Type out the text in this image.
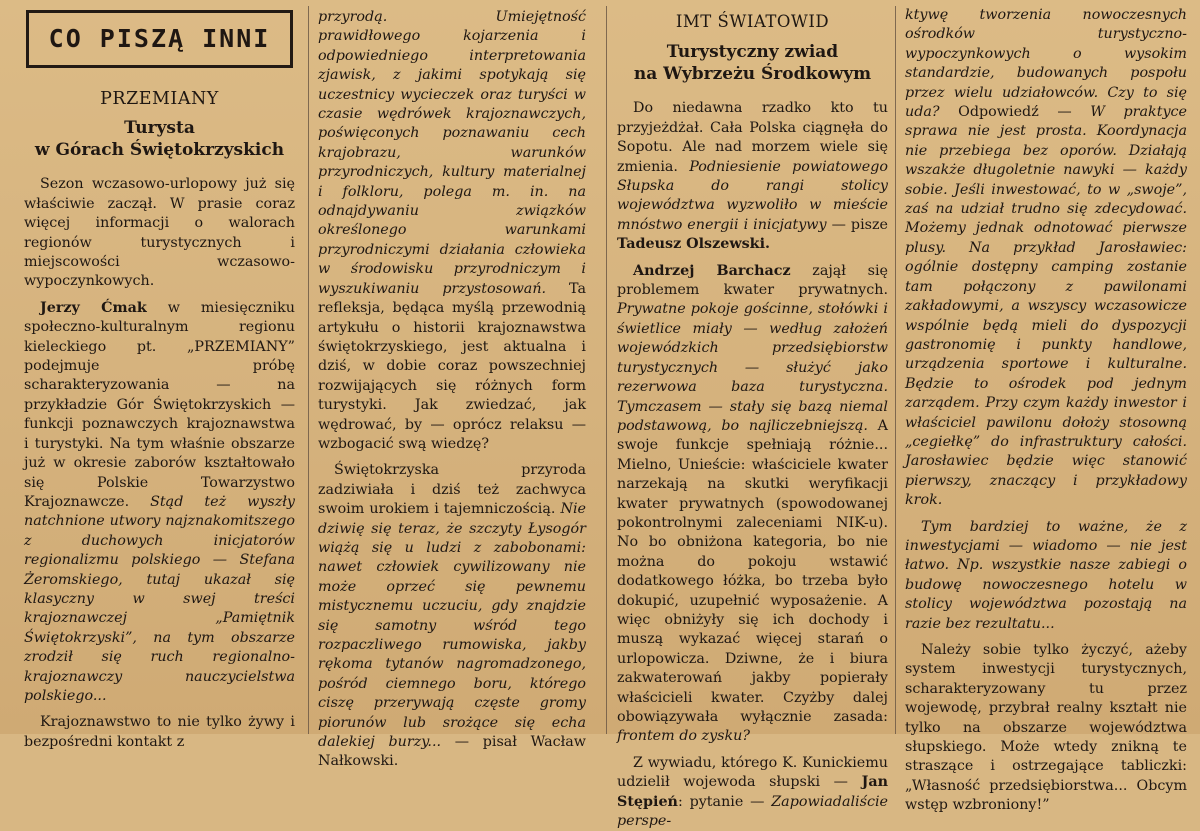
CO PISZĄ INNI
PRZEMIANY
Turysta
w Górach Świętokrzyskich

Sezon wczasowo-urlopowy już się właściwie zaczął. W prasie coraz więcej informacji o walorach regionów turystycznych i miejscowości wczasowo-wypoczynkowych.

Jerzy Ćmak w miesięczniku społeczno-kulturalnym regionu kieleckiego pt. „PRZEMIANY” podejmuje próbę scharakteryzowania — na przykładzie Gór Świętokrzyskich — funkcji poznawczych krajoznawstwa i turystyki. Na tym właśnie obszarze już w okresie zaborów kształtowało się Polskie Towarzystwo Krajoznawcze. Stąd też wyszły natchnione utwory najznakomitszego z duchowych inicjatorów regionalizmu polskiego — Stefana Żeromskiego, tutaj ukazał się klasyczny w swej treści krajoznawczej „Pamiętnik Świętokrzyski”, na tym obszarze zrodził się ruch regionalno-krajoznawczy nauczycielstwa polskiego...

Krajoznawstwo to nie tylko żywy i bezpośredni kontakt z

przyrodą. Umiejętność prawidłowego kojarzenia i odpowiedniego interpretowania zjawisk, z jakimi spotykają się uczestnicy wycieczek oraz turyści w czasie wędrówek krajoznawczych, poświęconych poznawaniu cech krajobrazu, warunków przyrodniczych, kultury materialnej i folkloru, polega m. in. na odnajdywaniu związków określonego warunkami przyrodniczymi działania człowieka w środowisku przyrodniczym i wyszukiwaniu przystosowań. Ta refleksja, będąca myślą przewodnią artykułu o historii krajoznawstwa świętokrzyskiego, jest aktualna i dziś, w dobie coraz powszechniej rozwijających się różnych form turystyki. Jak zwiedzać, jak wędrować, by — oprócz relaksu — wzbogacić swą wiedzę?

Świętokrzyska przyroda zadziwiała i dziś też zachwyca swoim urokiem i tajemniczością. Nie dziwię się teraz, że szczyty Łysogór wiążą się u ludzi z zabobonami: nawet człowiek cywilizowany nie może oprzeć się pewnemu mistycznemu uczuciu, gdy znajdzie się samotny wśród tego rozpaczliwego rumowiska, jakby rękoma tytanów nagromadzonego, pośród ciemnego boru, którego ciszę przerywają częste gromy piorunów lub srożące się echa dalekiej burzy... — pisał Wacław Nałkowski.

IMT ŚWIATOWID
Turystyczny zwiad
na Wybrzeżu Środkowym

Do niedawna rzadko kto tu przyjeżdżał. Cała Polska ciągnęła do Sopotu. Ale nad morzem wiele się zmienia. Podniesienie powiatowego Słupska do rangi stolicy województwa wyzwoliło w mieście mnóstwo energii i inicjatywy — pisze Tadeusz Olszewski.

Andrzej Barchacz zajął się problemem kwater prywatnych. Prywatne pokoje gościnne, stołówki i świetlice miały — według założeń wojewódzkich przedsiębiorstw turystycznych — służyć jako rezerwowa baza turystyczna. Tymczasem — stały się bazą niemal podstawową, bo najliczebniejszą. A swoje funkcje spełniają różnie... Mielno, Unieście: właściciele kwater narzekają na skutki weryfikacji kwater prywatnych (spowodowanej pokontrolnymi zaleceniami NIK-u). No bo obniżona kategoria, bo nie można do pokoju wstawić dodatkowego łóżka, bo trzeba było dokupić, uzupełnić wyposażenie. A więc obniżyły się ich dochody i muszą wykazać więcej starań o urlopowicza. Dziwne, że i biura zakwaterowań jakby popierały właścicieli kwater. Czyżby dalej obowiązywała wyłącznie zasada: frontem do zysku?

Z wywiadu, którego K. Kunickiemu udzielił wojewoda słupski — Jan Stępień: pytanie — Zapowiadaliście perspe-

ktywę tworzenia nowoczesnych ośrodków turystyczno-wypoczynkowych o wysokim standardzie, budowanych pospołu przez wielu udziałowców. Czy to się uda? Odpowiedź — W praktyce sprawa nie jest prosta. Koordynacja nie przebiega bez oporów. Działają wszakże długoletnie nawyki — każdy sobie. Jeśli inwestować, to w „swoje”, zaś na udział trudno się zdecydować. Możemy jednak odnotować pierwsze plusy. Na przykład Jarosławiec: ogólnie dostępny camping zostanie tam połączony z pawilonami zakładowymi, a wszyscy wczasowicze wspólnie będą mieli do dyspozycji gastronomię i punkty handlowe, urządzenia sportowe i kulturalne. Będzie to ośrodek pod jednym zarządem. Przy czym każdy inwestor i właściciel pawilonu dołoży stosowną „cegiełkę” do infrastruktury całości. Jarosławiec będzie więc stanowić pierwszy, znaczący i przykładowy krok.

Tym bardziej to ważne, że z inwestycjami — wiadomo — nie jest łatwo. Np. wszystkie nasze zabiegi o budowę nowoczesnego hotelu w stolicy województwa pozostają na razie bez rezultatu...

Należy sobie tylko życzyć, ażeby system inwestycji turystycznych, scharakteryzowany tu przez wojewodę, przybrał realny kształt nie tylko na obszarze województwa słupskiego. Może wtedy znikną te straszące i ostrzegające tabliczki: „Własność przedsiębiorstwa... Obcym wstęp wzbroniony!”
